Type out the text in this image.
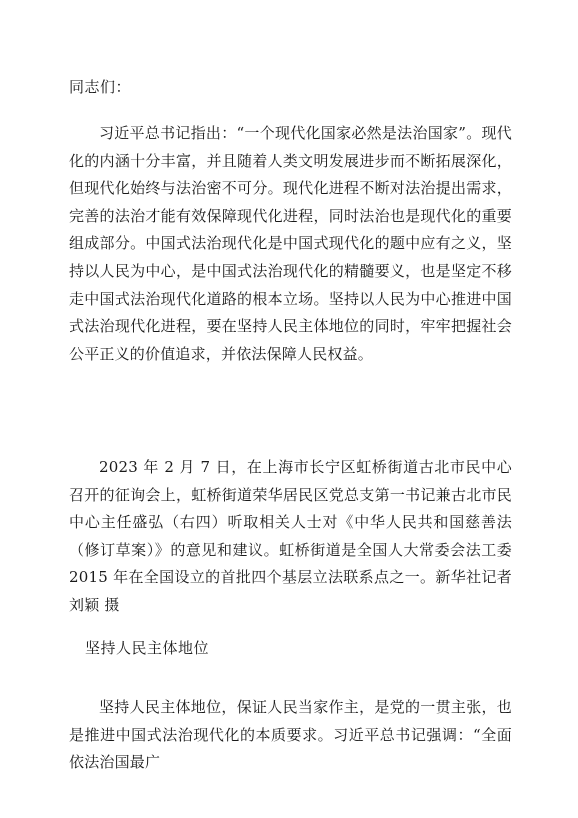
同志们：

习近平总书记指出：“一个现代化国家必然是法治国家”。现代化的内涵十分丰富，并且随着人类文明发展进步而不断拓展深化，但现代化始终与法治密不可分。现代化进程不断对法治提出需求，完善的法治才能有效保障现代化进程，同时法治也是现代化的重要组成部分。中国式法治现代化是中国式现代化的题中应有之义，坚持以人民为中心，是中国式法治现代化的精髓要义，也是坚定不移走中国式法治现代化道路的根本立场。坚持以人民为中心推进中国式法治现代化进程，要在坚持人民主体地位的同时，牢牢把握社会公平正义的价值追求，并依法保障人民权益。

2023 年 2 月 7 日，在上海市长宁区虹桥街道古北市民中心召开的征询会上，虹桥街道荣华居民区党总支第一书记兼古北市民中心主任盛弘（右四）听取相关人士对《中华人民共和国慈善法（修订草案）》的意见和建议。虹桥街道是全国人大常委会法工委 2015 年在全国设立的首批四个基层立法联系点之一。新华社记者 刘颖 摄

坚持人民主体地位

坚持人民主体地位，保证人民当家作主，是党的一贯主张，也是推进中国式法治现代化的本质要求。习近平总书记强调：“全面依法治国最广
